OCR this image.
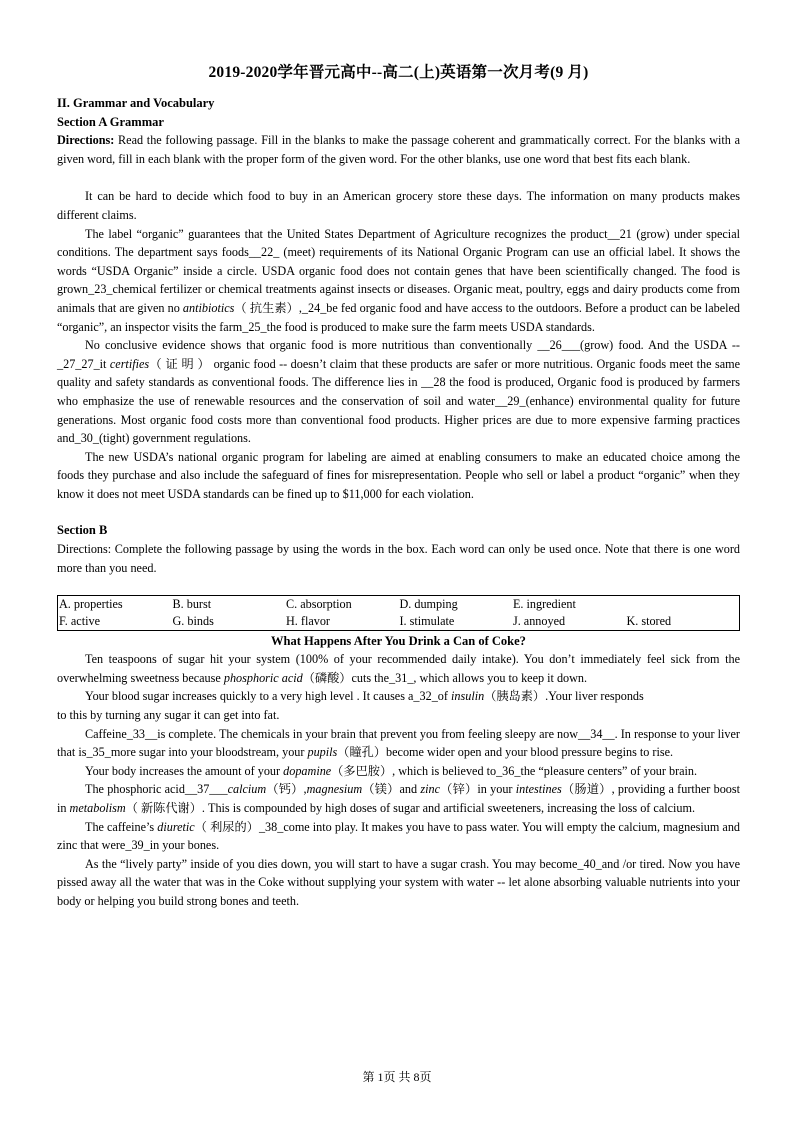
2019-2020学年晋元高中--高二(上)英语第一次月考(9 月)
II. Grammar and Vocabulary
Section A Grammar

Directions: Read the following passage. Fill in the blanks to make the passage coherent and grammatically correct. For the blanks with a given word, fill in each blank with the proper form of the given word. For the other blanks, use one word that best fits each blank.

It can be hard to decide which food to buy in an American grocery store these days. The information on many products makes different claims.

The label “organic” guarantees that the United States Department of Agriculture recognizes the product__21 (grow) under special conditions. The department says foods__22_ (meet) requirements of its National Organic Program can use an official label. It shows the words “USDA Organic” inside a circle. USDA organic food does not contain genes that have been scientifically changed. The food is grown_23_chemical fertilizer or chemical treatments against insects or diseases. Organic meat, poultry, eggs and dairy products come from animals that are given no antibiotics（ 抗生素）,_24_be fed organic food and have access to the outdoors. Before a product can be labeled “organic”, an inspector visits the farm_25_the food is produced to make sure the farm meets USDA standards.

No conclusive evidence shows that organic food is more nutritious than conventionally __26___(grow) food. And the USDA --_27_27_it certifies（ 证 明 ） organic food -- doesn’t claim that these products are safer or more nutritious. Organic foods meet the same quality and safety standards as conventional foods. The difference lies in __28 the food is produced, Organic food is produced by farmers who emphasize the use of renewable resources and the conservation of soil and water__29_(enhance) environmental quality for future generations. Most organic food costs more than conventional food products. Higher prices are due to more expensive farming practices and_30_(tight) government regulations.

The new USDA’s national organic program for labeling are aimed at enabling consumers to make an educated choice among the foods they purchase and also include the safeguard of fines for misrepresentation. People who sell or label a product “organic” when they know it does not meet USDA standards can be fined up to $11,000 for each violation.

Section B

Directions: Complete the following passage by using the words in the box. Each word can only be used once. Note that there is one word more than you need.

A. properties	B. burst	C. absorption	D. dumping	E. ingredient	
F. active	G. binds	H. flavor	I. stimulate	J. annoyed	K. stored
What Happens After You Drink a Can of Coke?

Ten teaspoons of sugar hit your system (100% of your recommended daily intake). You don’t immediately feel sick from the overwhelming sweetness because phosphoric acid（磷酸）cuts the_31_, which allows you to keep it down.

Your blood sugar increases quickly to a very high level . It causes a_32_of insulin（胰岛素）.Your liver responds

to this by turning any sugar it can get into fat.

Caffeine_33__is complete. The chemicals in your brain that prevent you from feeling sleepy are now__34__. In response to your liver that is_35_more sugar into your bloodstream, your pupils（瞳孔）become wider open and your blood pressure begins to rise.

Your body increases the amount of your dopamine（多巴胺）, which is believed to_36_the “pleasure centers” of your brain.

The phosphoric acid__37___calcium（钙）,magnesium（镁）and zinc（锌）in your intestines（肠道）, providing a further boost in metabolism（ 新陈代谢）. This is compounded by high doses of sugar and artificial sweeteners, increasing the loss of calcium.

The caffeine’s diuretic（ 利尿的）_38_come into play. It makes you have to pass water. You will empty the calcium, magnesium and zinc that were_39_in your bones.

As the “lively party” inside of you dies down, you will start to have a sugar crash. You may become_40_and /or tired. Now you have pissed away all the water that was in the Coke without supplying your system with water -- let alone absorbing valuable nutrients into your body or helping you build strong bones and teeth.

第 1页 共 8页
